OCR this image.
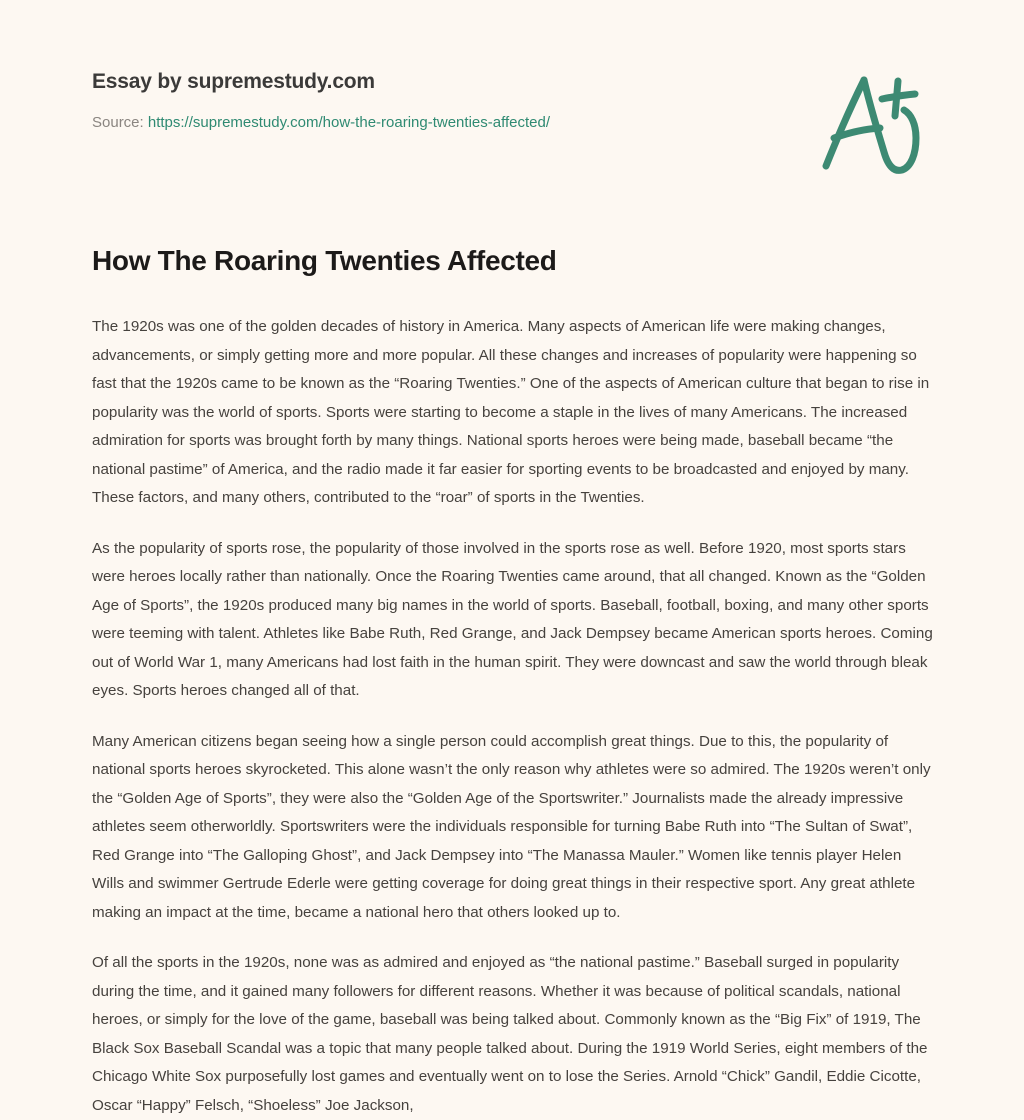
Essay by supremestudy.com
Source: https://supremestudy.com/how-the-roaring-twenties-affected/
How The Roaring Twenties Affected

The 1920s was one of the golden decades of history in America. Many aspects of American life were making changes, advancements, or simply getting more and more popular. All these changes and increases of popularity were happening so fast that the 1920s came to be known as the “Roaring Twenties.” One of the aspects of American culture that began to rise in popularity was the world of sports. Sports were starting to become a staple in the lives of many Americans. The increased admiration for sports was brought forth by many things. National sports heroes were being made, baseball became “the national pastime” of America, and the radio made it far easier for sporting events to be broadcasted and enjoyed by many. These factors, and many others, contributed to the “roar” of sports in the Twenties.

As the popularity of sports rose, the popularity of those involved in the sports rose as well. Before 1920, most sports stars were heroes locally rather than nationally. Once the Roaring Twenties came around, that all changed. Known as the “Golden Age of Sports”, the 1920s produced many big names in the world of sports. Baseball, football, boxing, and many other sports were teeming with talent. Athletes like Babe Ruth, Red Grange, and Jack Dempsey became American sports heroes. Coming out of World War 1, many Americans had lost faith in the human spirit. They were downcast and saw the world through bleak eyes. Sports heroes changed all of that.

Many American citizens began seeing how a single person could accomplish great things. Due to this, the popularity of national sports heroes skyrocketed. This alone wasn’t the only reason why athletes were so admired. The 1920s weren’t only the “Golden Age of Sports”, they were also the “Golden Age of the Sportswriter.” Journalists made the already impressive athletes seem otherworldly. Sportswriters were the individuals responsible for turning Babe Ruth into “The Sultan of Swat”, Red Grange into “The Galloping Ghost”, and Jack Dempsey into “The Manassa Mauler.” Women like tennis player Helen Wills and swimmer Gertrude Ederle were getting coverage for doing great things in their respective sport. Any great athlete making an impact at the time, became a national hero that others looked up to.

Of all the sports in the 1920s, none was as admired and enjoyed as “the national pastime.” Baseball surged in popularity during the time, and it gained many followers for different reasons. Whether it was because of political scandals, national heroes, or simply for the love of the game, baseball was being talked about. Commonly known as the “Big Fix” of 1919, The Black Sox Baseball Scandal was a topic that many people talked about. During the 1919 World Series, eight members of the Chicago White Sox purposefully lost games and eventually went on to lose the Series. Arnold “Chick” Gandil, Eddie Cicotte, Oscar “Happy” Felsch, “Shoeless” Joe Jackson,
